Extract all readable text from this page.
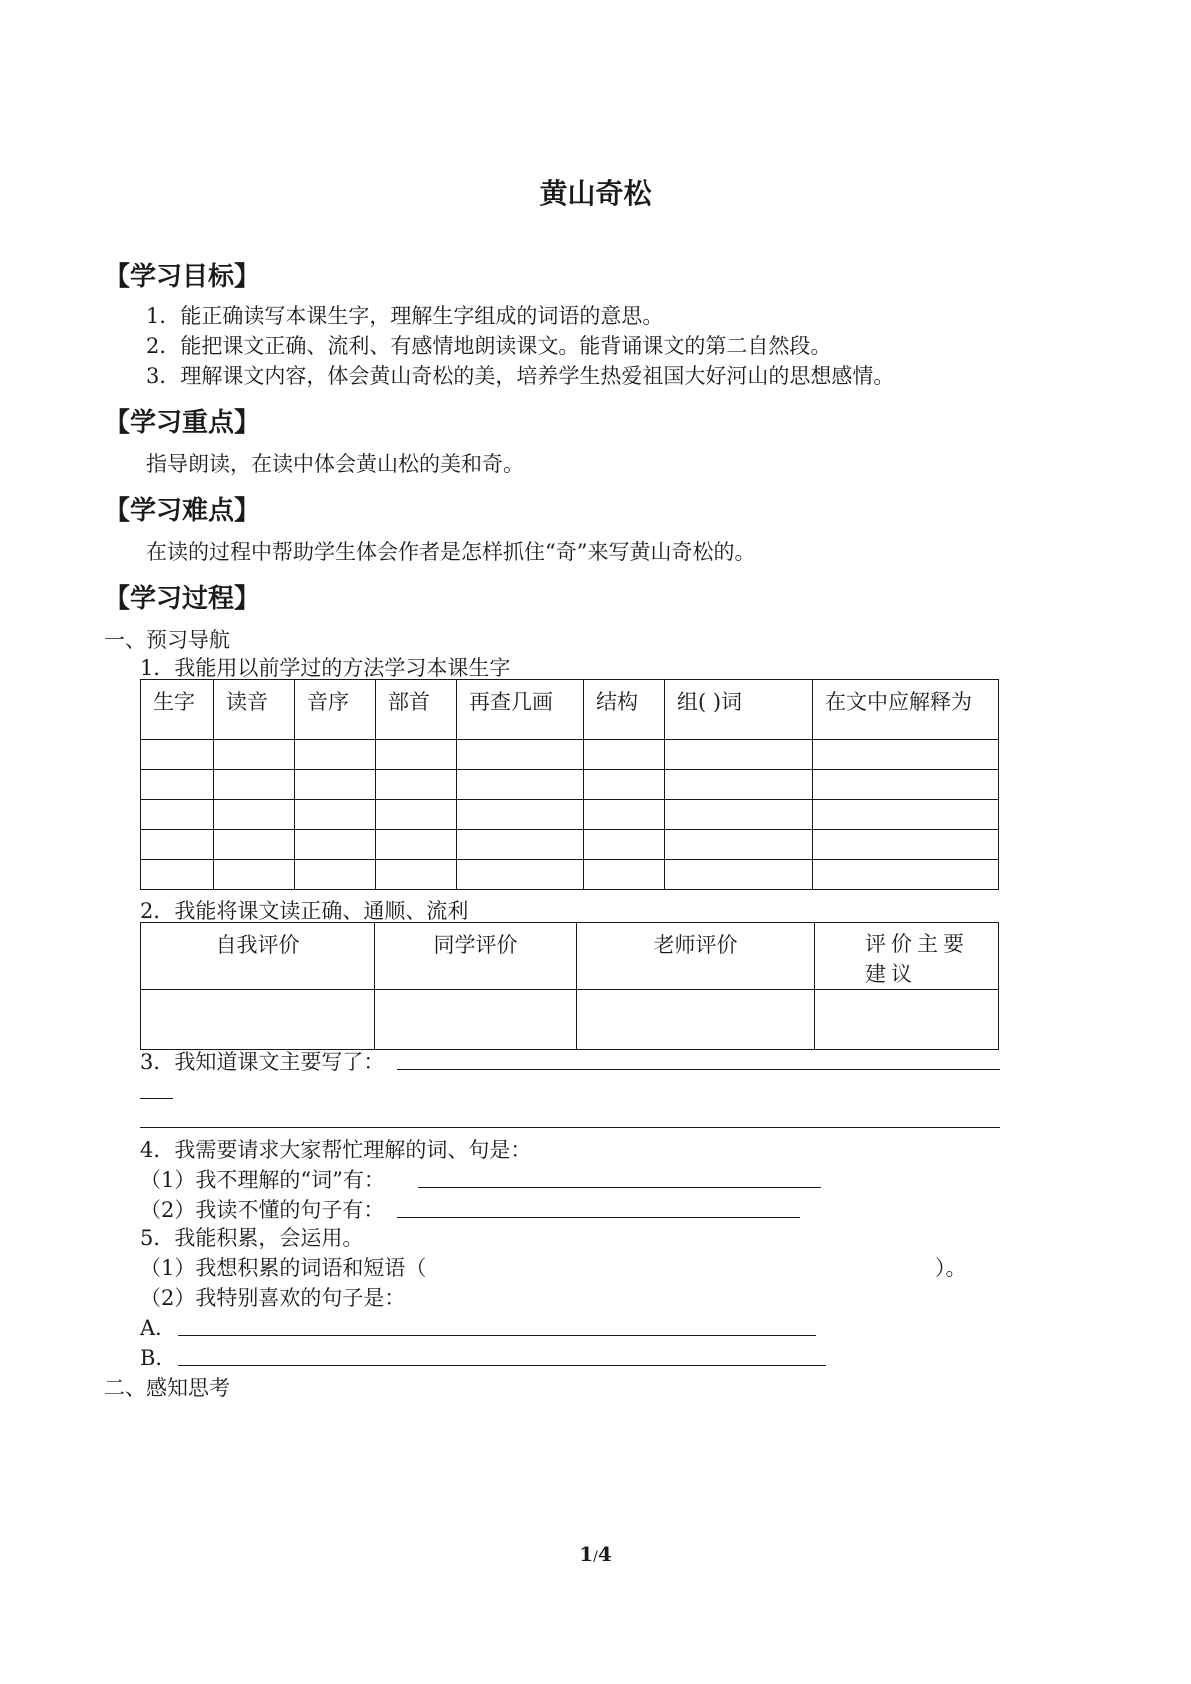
黄山奇松
【学习目标】
1．能正确读写本课生字，理解生字组成的词语的意思。
2．能把课文正确、流利、有感情地朗读课文。能背诵课文的第二自然段。
3．理解课文内容，体会黄山奇松的美，培养学生热爱祖国大好河山的思想感情。
【学习重点】
指导朗读，在读中体会黄山松的美和奇。
【学习难点】
在读的过程中帮助学生体会作者是怎样抓住“奇”来写黄山奇松的。
【学习过程】
一、预习导航
1．我能用以前学过的方法学习本课生字
生字	读音	音序	部首	再查几画	结构	组( )词	在文中应解释为

2．我能将课文读正确、通顺、流利
自我评价	同学评价	老师评价	评价主要建议

3．我知道课文主要写了：
4．我需要请求大家帮忙理解的词、句是：
（1）我不理解的“词”有：
（2）我读不懂的句子有：
5．我能积累，会运用。
（1）我想积累的词语和短语（	）。
（2）我特别喜欢的句子是：
A．
B．
二、感知思考
1/4
